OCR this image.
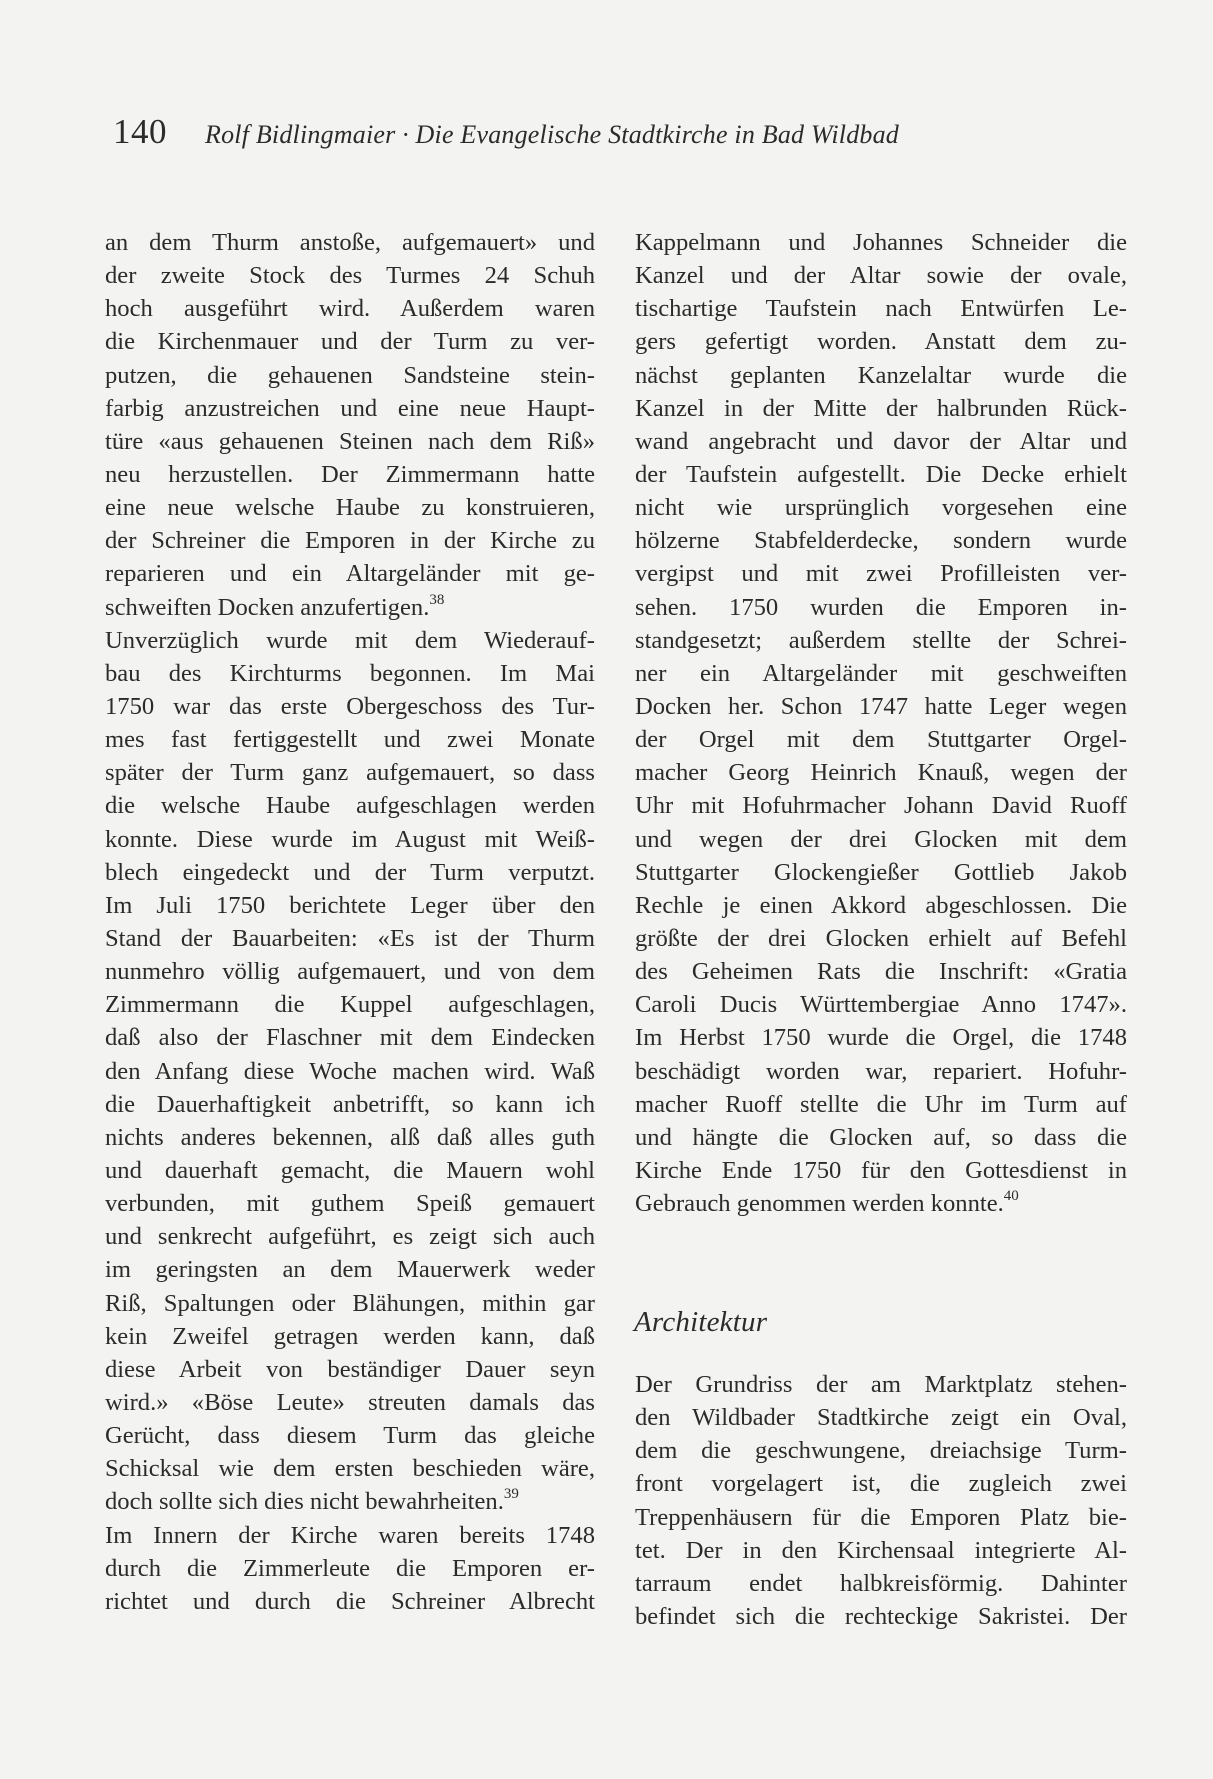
140 Rolf Bidlingmaier · Die Evangelische Stadtkirche in Bad Wildbad
an dem Thurm anstoße, aufgemauert» und
der zweite Stock des Turmes 24 Schuh
hoch ausgeführt wird. Außerdem waren
die Kirchenmauer und der Turm zu ver-
putzen, die gehauenen Sandsteine stein-
farbig anzustreichen und eine neue Haupt-
türe «aus gehauenen Steinen nach dem Riß»
neu herzustellen. Der Zimmermann hatte
eine neue welsche Haube zu konstruieren,
der Schreiner die Emporen in der Kirche zu
reparieren und ein Altargeländer mit ge-
schweiften Docken anzufertigen.$^{38}$
Unverzüglich wurde mit dem Wiederauf-
bau des Kirchturms begonnen. Im Mai
1750 war das erste Obergeschoss des Tur-
mes fast fertiggestellt und zwei Monate
später der Turm ganz aufgemauert, so dass
die welsche Haube aufgeschlagen werden
konnte. Diese wurde im August mit Weiß-
blech eingedeckt und der Turm verputzt.
Im Juli 1750 berichtete Leger über den
Stand der Bauarbeiten: «Es ist der Thurm
nunmehro völlig aufgemauert, und von dem
Zimmermann die Kuppel aufgeschlagen,
daß also der Flaschner mit dem Eindecken
den Anfang diese Woche machen wird. Waß
die Dauerhaftigkeit anbetrifft, so kann ich
nichts anderes bekennen, alß daß alles guth
und dauerhaft gemacht, die Mauern wohl
verbunden, mit guthem Speiß gemauert
und senkrecht aufgeführt, es zeigt sich auch
im geringsten an dem Mauerwerk weder
Riß, Spaltungen oder Blähungen, mithin gar
kein Zweifel getragen werden kann, daß
diese Arbeit von beständiger Dauer seyn
wird.» «Böse Leute» streuten damals das
Gerücht, dass diesem Turm das gleiche
Schicksal wie dem ersten beschieden wäre,
doch sollte sich dies nicht bewahrheiten.$^{39}$
Im Innern der Kirche waren bereits 1748
durch die Zimmerleute die Emporen er-
richtet und durch die Schreiner Albrecht
Kappelmann und Johannes Schneider die
Kanzel und der Altar sowie der ovale,
tischartige Taufstein nach Entwürfen Le-
gers gefertigt worden. Anstatt dem zu-
nächst geplanten Kanzelaltar wurde die
Kanzel in der Mitte der halbrunden Rück-
wand angebracht und davor der Altar und
der Taufstein aufgestellt. Die Decke erhielt
nicht wie ursprünglich vorgesehen eine
hölzerne Stabfelderdecke, sondern wurde
vergipst und mit zwei Profilleisten ver-
sehen. 1750 wurden die Emporen in-
standgesetzt; außerdem stellte der Schrei-
ner ein Altargeländer mit geschweiften
Docken her. Schon 1747 hatte Leger wegen
der Orgel mit dem Stuttgarter Orgel-
macher Georg Heinrich Knauß, wegen der
Uhr mit Hofuhrmacher Johann David Ruoff
und wegen der drei Glocken mit dem
Stuttgarter Glockengießer Gottlieb Jakob
Rechle je einen Akkord abgeschlossen. Die
größte der drei Glocken erhielt auf Befehl
des Geheimen Rats die Inschrift: «Gratia
Caroli Ducis Württembergiae Anno 1747».
Im Herbst 1750 wurde die Orgel, die 1748
beschädigt worden war, repariert. Hofuhr-
macher Ruoff stellte die Uhr im Turm auf
und hängte die Glocken auf, so dass die
Kirche Ende 1750 für den Gottesdienst in
Gebrauch genommen werden konnte.$^{40}$
Architektur
Der Grundriss der am Marktplatz stehen-
den Wildbader Stadtkirche zeigt ein Oval,
dem die geschwungene, dreiachsige Turm-
front vorgelagert ist, die zugleich zwei
Treppenhäusern für die Emporen Platz bie-
tet. Der in den Kirchensaal integrierte Al-
tarraum endet halbkreisförmig. Dahinter
befindet sich die rechteckige Sakristei. Der
